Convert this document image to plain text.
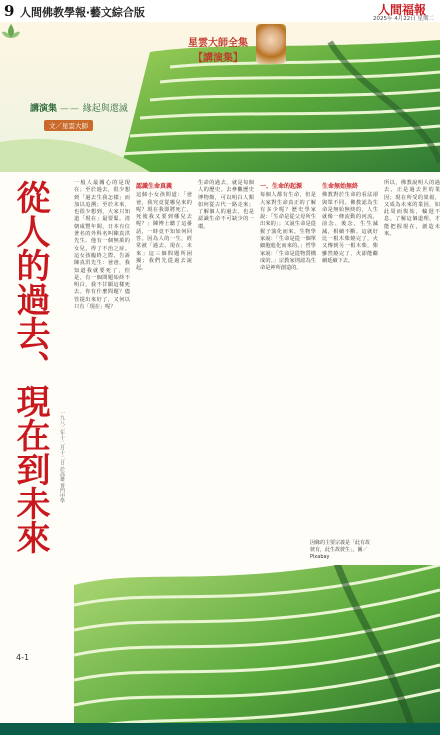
9 人間佛教學報‧藝文綜合版	人間福報
2025年 4月22日 星期二
星雲大師全集
【講演集】
講演集 —— 緣起與還滅
文／星雲大師
從人的過去、現在到未來
4-1
一九八二年十二月十二日 於高雄 普門中學
一般人最關心的是現在；至於過去，很少想到「過去生我怎樣」而加以追溯；至於未來，也很少想到，大家只知道「現在」最要緊。清朝咸豐年間，日本有位著名的外科名叫陳真洪先生。他有一個無萬的女兒，得了不治之症。這女孩臨終之際，告訴陳真洪先生：爸爸，我知道我就要死了，但是，有一個問題始終不明白，我不甘願這樣死去。你有什麼問題？儘管提出來好了，又何以只有「現在」呢？
認識生命真義
這個小女孩問道：「爸爸，我究竟從哪兒來的呢？現在我即將死亡，死後我又要到哪兒去呢？」陳博士聽了這番話，一時竟不知如何回答。因為人的一生，經常被「過去、現在、未來」這三個問題所困擾；我們先從過去說起。
生命的過去，就是每個人的歷史。去參觀歷史博物館，可以明白人類如何從古代一路走來；了解個人的過去，也是認識生命不可缺少的一環。
一、生命的起源
每個人都有生命，但是大家對生命真正的了解有多少呢？歷史學家說：「生命是從父母所生出來的」；又說生命是從猴子演化而來。生物學家說：「生命是從一個單細胞進化而來的。」哲學家說：「生命是從物質構成的。」宗教家則認為生命是神所創造的。
生命無始無終
佛教對於生命的看法卻與眾不同。佛教認為生命是無始無終的，人生就像一條流動的河流，前念、後念，生生滅滅，相續不斷。這就好比一根木柴燒完了，火又傳到另一根木柴，柴雖然燒完了，火卻能繼續延續下去。
所以，佛教說明人的過去，正是過去世的業因；現在所受的果報，又成為未來的業因，如此周而復始，輪迴不息。了解這個道理，才能把握現在，創造未來。
因緣的主要宗義是「此有故彼有，此生故彼生」。圖／Pixabay
